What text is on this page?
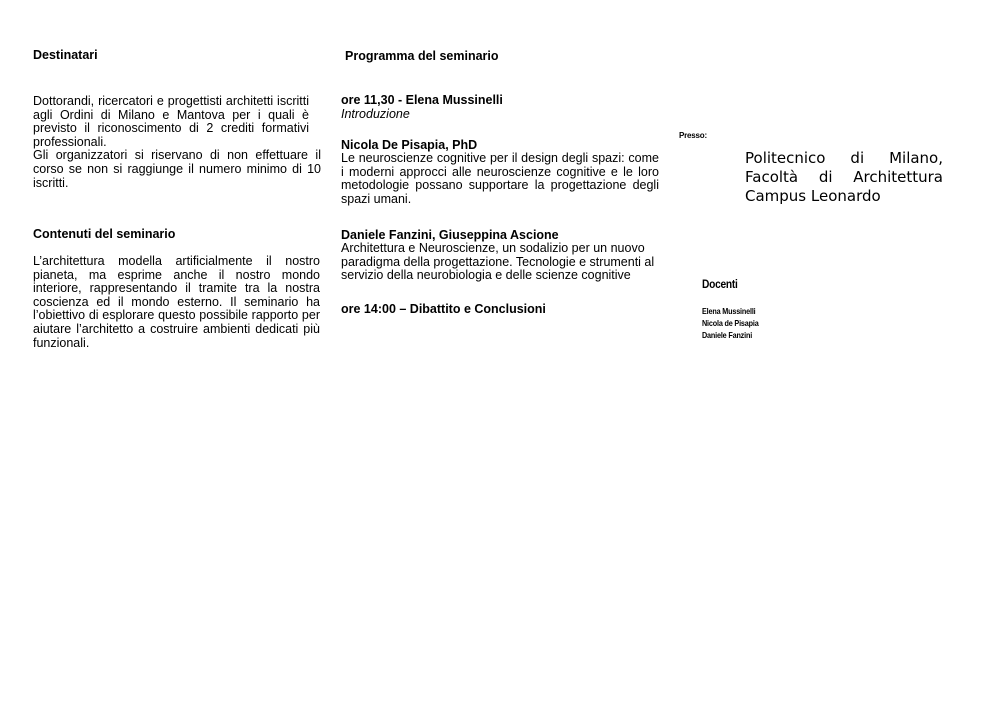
Destinatari

Dottorandi, ricercatori e progettisti architetti iscritti agli Ordini di Milano e Mantova per i quali è previsto il riconoscimento di 2 crediti formativi professionali.

Gli organizzatori si riservano di non effettuare il corso se non si raggiunge il numero minimo di 10 iscritti.

Contenuti del seminario

L’architettura modella artificialmente il nostro pianeta, ma esprime anche il nostro mondo interiore, rappresentando il tramite tra la nostra coscienza ed il mondo esterno. Il seminario ha l’obiettivo di esplorare questo possibile rapporto per aiutare l’architetto a costruire ambienti dedicati più funzionali.

Programma del seminario

ore 11,30 - Elena Mussinelli

Introduzione

Nicola De Pisapia, PhD

Le neuroscienze cognitive per il design degli spazi: come i moderni approcci alle neuroscienze cognitive e le loro metodologie possano supportare la progettazione degli spazi umani.

Daniele Fanzini, Giuseppina Ascione

Architettura e Neuroscienze, un sodalizio per un nuovo paradigma della progettazione. Tecnologie e strumenti al servizio della neurobiologia e delle scienze cognitive

ore 14:00 – Dibattito e Conclusioni

Presso:
Politecnico di Milano, Facoltà di Architettura Campus Leonardo
Docenti
Elena Mussinelli
Nicola de Pisapia
Daniele Fanzini
